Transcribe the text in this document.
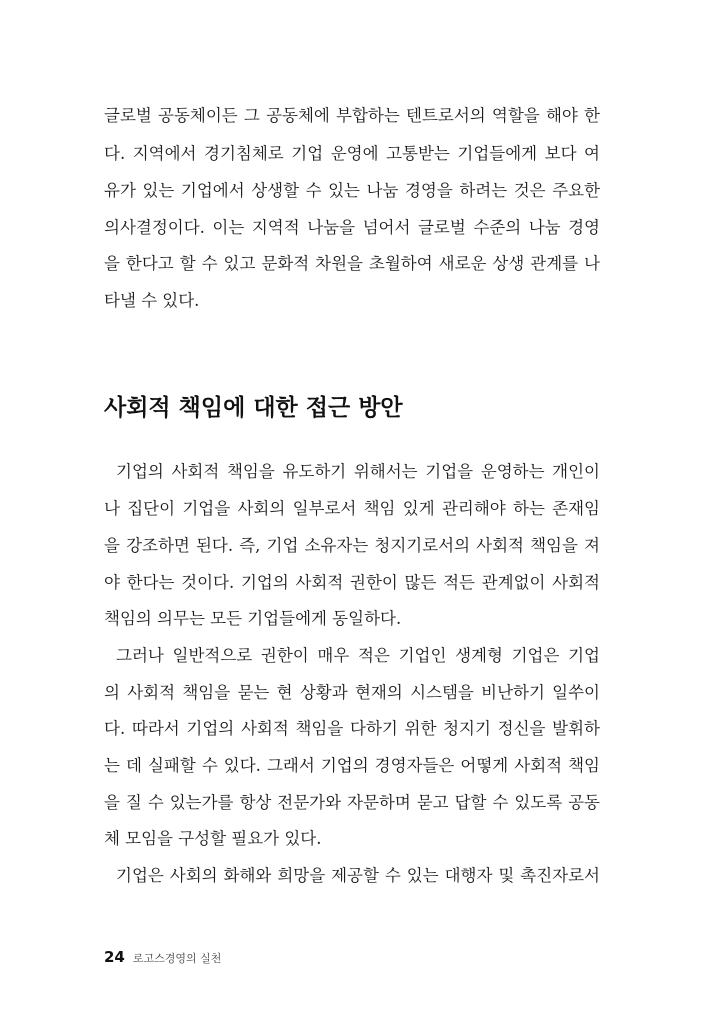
글로벌 공동체이든 그 공동체에 부합하는 텐트로서의 역할을 해야 한
다. 지역에서 경기침체로 기업 운영에 고통받는 기업들에게 보다 여
유가 있는 기업에서 상생할 수 있는 나눔 경영을 하려는 것은 주요한
의사결정이다. 이는 지역적 나눔을 넘어서 글로벌 수준의 나눔 경영
을 한다고 할 수 있고 문화적 차원을 초월하여 새로운 상생 관계를 나
타낼 수 있다.
사회적 책임에 대한 접근 방안
기업의 사회적 책임을 유도하기 위해서는 기업을 운영하는 개인이
나 집단이 기업을 사회의 일부로서 책임 있게 관리해야 하는 존재임
을 강조하면 된다. 즉, 기업 소유자는 청지기로서의 사회적 책임을 져
야 한다는 것이다. 기업의 사회적 권한이 많든 적든 관계없이 사회적
책임의 의무는 모든 기업들에게 동일하다.
그러나 일반적으로 권한이 매우 적은 기업인 생계형 기업은 기업
의 사회적 책임을 묻는 현 상황과 현재의 시스템을 비난하기 일쑤이
다. 따라서 기업의 사회적 책임을 다하기 위한 청지기 정신을 발휘하
는 데 실패할 수 있다. 그래서 기업의 경영자들은 어떻게 사회적 책임
을 질 수 있는가를 항상 전문가와 자문하며 묻고 답할 수 있도록 공동
체 모임을 구성할 필요가 있다.
기업은 사회의 화해와 희망을 제공할 수 있는 대행자 및 촉진자로서
24 로고스경영의 실천
